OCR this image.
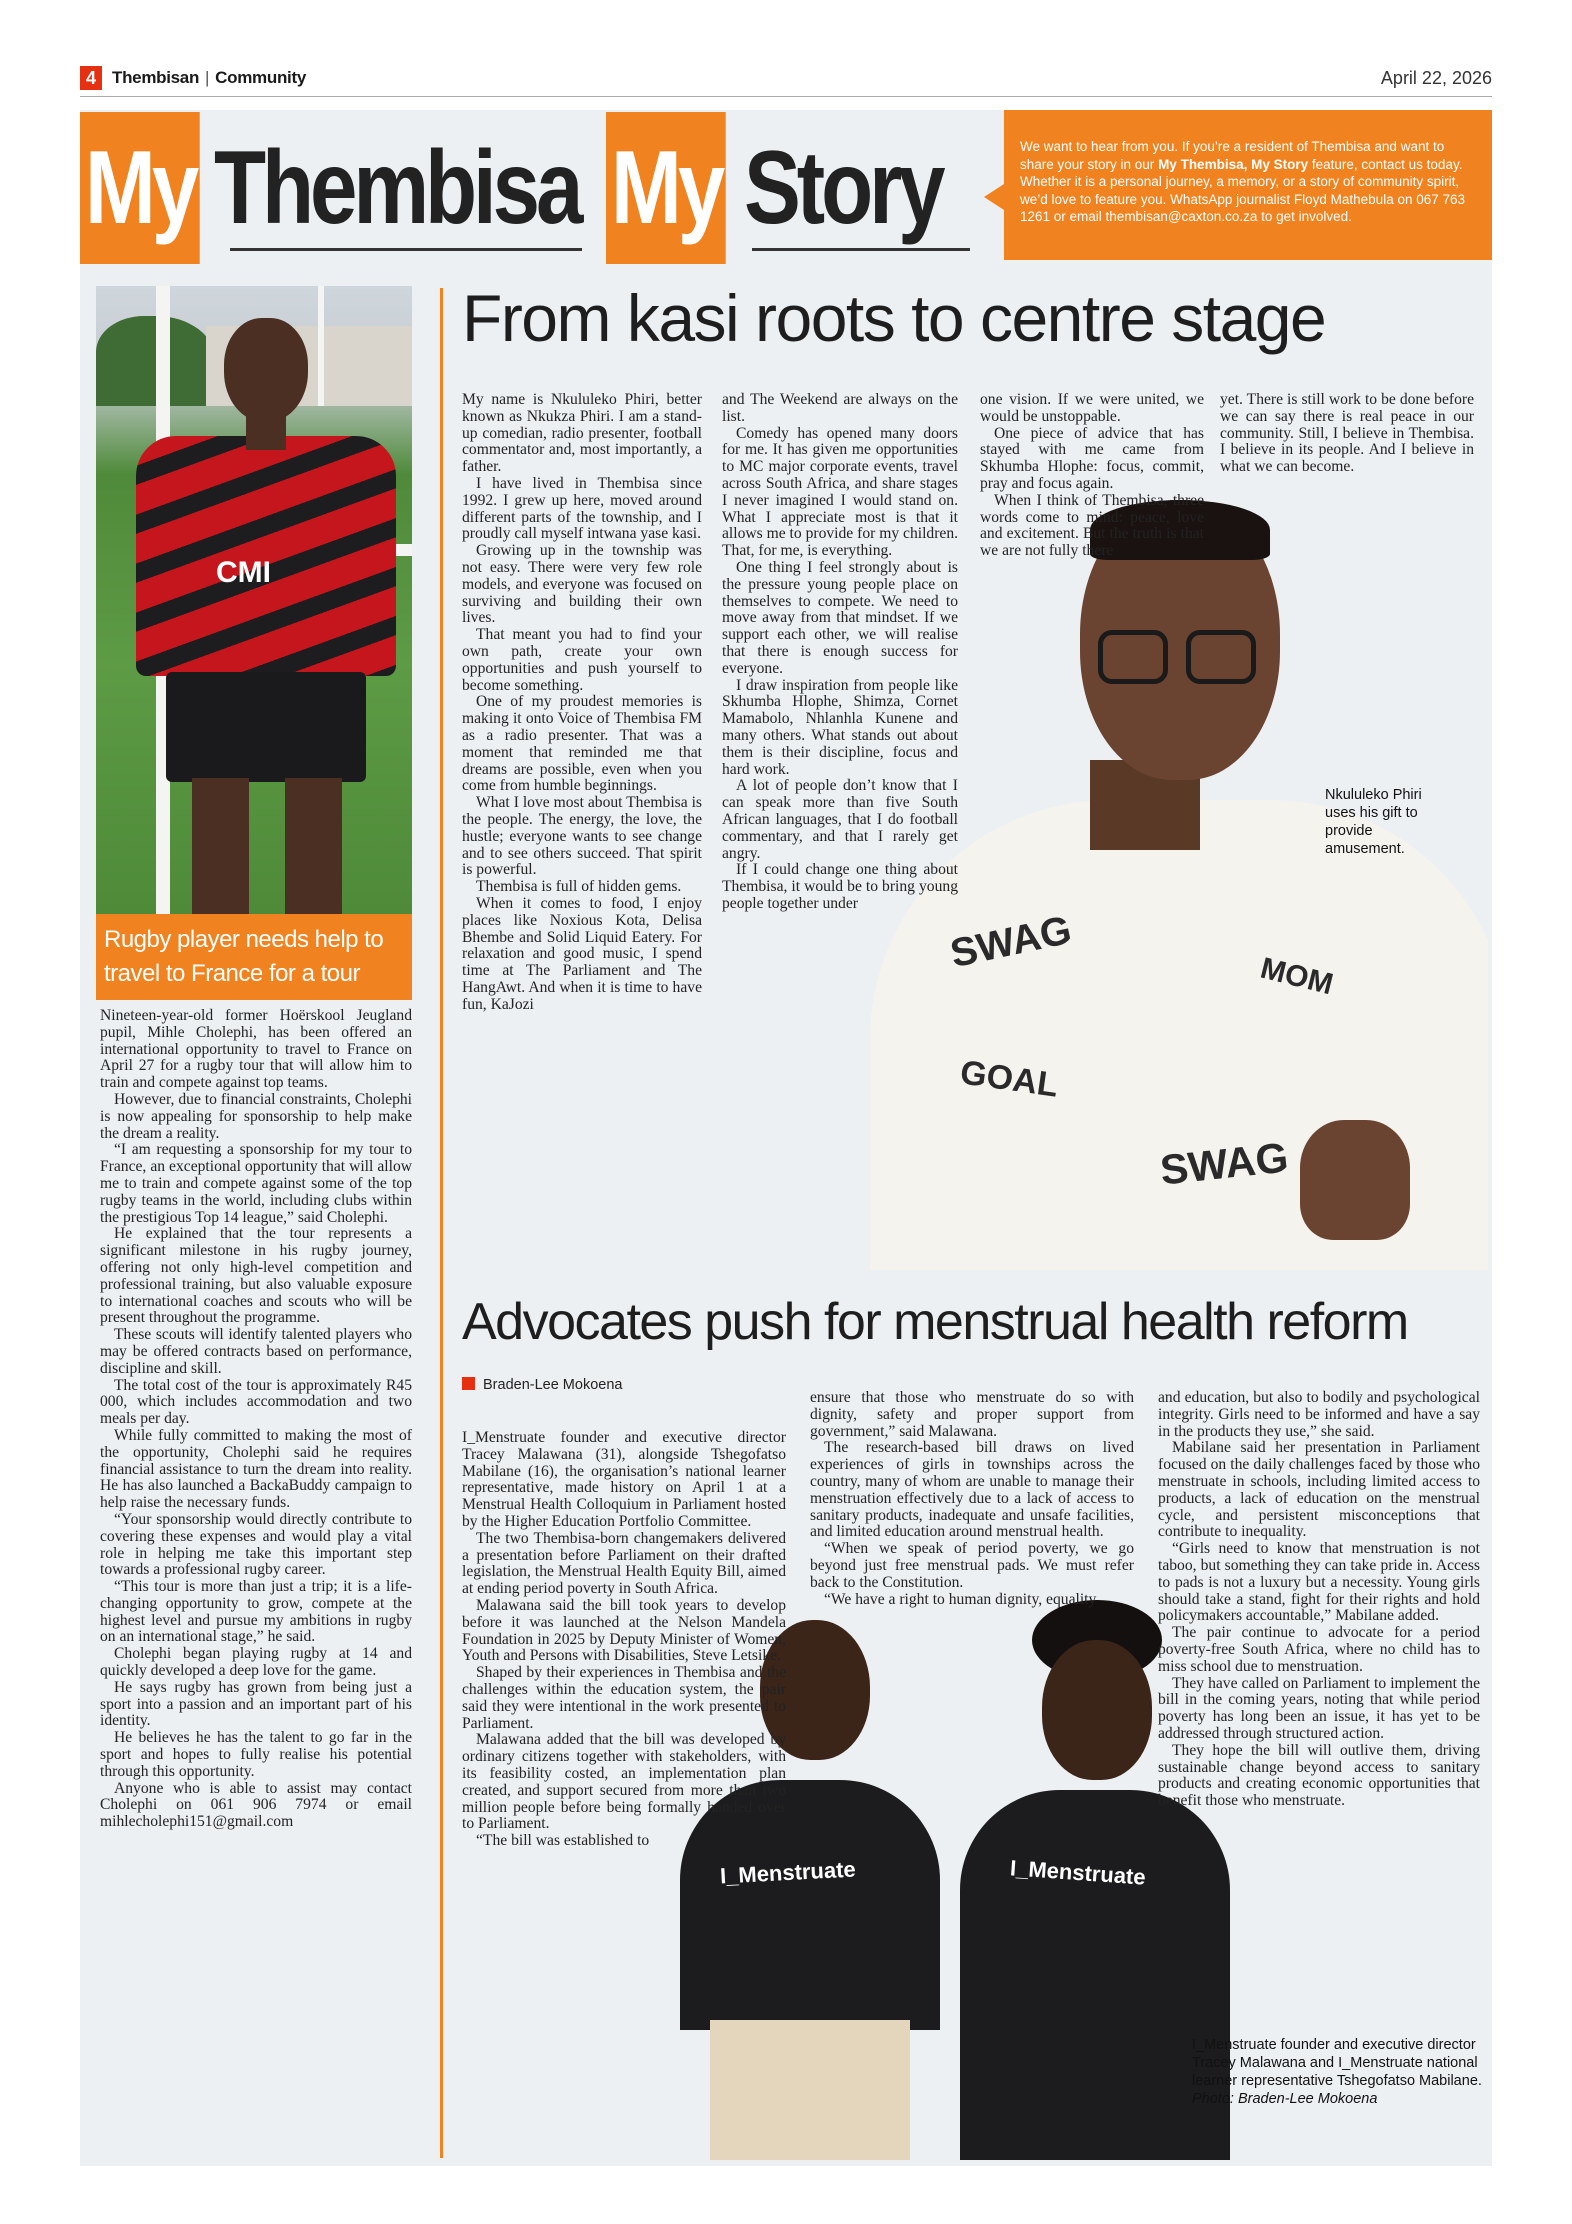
4 Thembisan | Community	April 22, 2026
My Thembisa My Story	We want to hear from you. If you’re a resident of Thembisa and want to share your story in our My Thembisa, My Story feature, contact us today. Whether it is a personal journey, a memory, or a story of community spirit, we’d love to feature you. WhatsApp journalist Floyd Mathebula on 067 763 1261 or email thembisan@caxton.co.za to get involved.
From kasi roots to centre stage
CMI
Rugby player needs help to travel to France for a tour

Nineteen-year-old former Hoërskool Jeugland pupil, Mihle Cholephi, has been offered an international opportunity to travel to France on April 27 for a rugby tour that will allow him to train and compete against top teams.

However, due to financial constraints, Cholephi is now appealing for sponsorship to help make the dream a reality.

“I am requesting a sponsorship for my tour to France, an exceptional opportunity that will allow me to train and compete against some of the top rugby teams in the world, including clubs within the prestigious Top 14 league,” said Cholephi.

He explained that the tour represents a significant milestone in his rugby journey, offering not only high-level competition and professional training, but also valuable exposure to international coaches and scouts who will be present throughout the programme.

These scouts will identify talented players who may be offered contracts based on performance, discipline and skill.

The total cost of the tour is approximately R45 000, which includes accommodation and two meals per day.

While fully committed to making the most of the opportunity, Cholephi said he requires financial assistance to turn the dream into reality. He has also launched a BackaBuddy campaign to help raise the necessary funds.

“Your sponsorship would directly contribute to covering these expenses and would play a vital role in helping me take this important step towards a professional rugby career.

“This tour is more than just a trip; it is a life-changing opportunity to grow, compete at the highest level and pursue my ambitions in rugby on an international stage,” he said.

Cholephi began playing rugby at 14 and quickly developed a deep love for the game.

He says rugby has grown from being just a sport into a passion and an important part of his identity.

He believes he has the talent to go far in the sport and hopes to fully realise his potential through this opportunity.

Anyone who is able to assist may contact Cholephi on 061 906 7974 or email mihlecholephi151@gmail.com

SWAG
MOM
GOAL
SWAG

My name is Nkululeko Phiri, better known as Nkukza Phiri. I am a stand-up comedian, radio presenter, football commentator and, most importantly, a father.

I have lived in Thembisa since 1992. I grew up here, moved around different parts of the township, and I proudly call myself intwana yase kasi.

Growing up in the township was not easy. There were very few role models, and everyone was focused on surviving and building their own lives.

That meant you had to find your own path, create your own opportunities and push yourself to become something.

One of my proudest memories is making it onto Voice of Thembisa FM as a radio presenter. That was a moment that reminded me that dreams are possible, even when you come from humble beginnings.

What I love most about Thembisa is the people. The energy, the love, the hustle; everyone wants to see change and to see others succeed. That spirit is powerful.

Thembisa is full of hidden gems.

When it comes to food, I enjoy places like Noxious Kota, Delisa Bhembe and Solid Liquid Eatery. For relaxation and good music, I spend time at The Parliament and The HangAwt. And when it is time to have fun, KaJozi

and The Weekend are always on the list.

Comedy has opened many doors for me. It has given me opportunities to MC major corporate events, travel across South Africa, and share stages I never imagined I would stand on. What I appreciate most is that it allows me to provide for my children. That, for me, is everything.

One thing I feel strongly about is the pressure young people place on themselves to compete. We need to move away from that mindset. If we support each other, we will realise that there is enough success for everyone.

I draw inspiration from people like Skhumba Hlophe, Shimza, Cornet Mamabolo, Nhlanhla Kunene and many others. What stands out about them is their discipline, focus and hard work.

A lot of people don’t know that I can speak more than five South African languages, that I do football commentary, and that I rarely get angry.

If I could change one thing about Thembisa, it would be to bring young people together under

one vision. If we were united, we would be unstoppable.

One piece of advice that has stayed with me came from Skhumba Hlophe: focus, commit, pray and focus again.

When I think of Thembisa, three words come to mind: peace, love and excitement. But the truth is that we are not fully there

yet. There is still work to be done before we can say there is real peace in our community. Still, I believe in Thembisa. I believe in its people. And I believe in what we can become.

Nkululeko Phiri uses his gift to provide amusement.
Advocates push for menstrual health reform
Braden-Lee Mokoena
I_Menstruate	I_Menstruate

I_Menstruate founder and executive director Tracey Malawana (31), alongside Tshegofatso Mabilane (16), the organisation’s national learner representative, made history on April 1 at a Menstrual Health Colloquium in Parliament hosted by the Higher Education Portfolio Committee.

The two Thembisa-born changemakers delivered a presentation before Parliament on their drafted legislation, the Menstrual Health Equity Bill, aimed at ending period poverty in South Africa.

Malawana said the bill took years to develop before it was launched at the Nelson Mandela Foundation in 2025 by Deputy Minister of Women, Youth and Persons with Disabilities, Steve Letsike.

Shaped by their experiences in Thembisa and the challenges within the education system, the pair said they were intentional in the work presented to Parliament.

Malawana added that the bill was developed by ordinary citizens together with stakeholders, with its feasibility costed, an implementation plan created, and support secured from more than two million people before being formally handed over to Parliament.

“The bill was established to

ensure that those who menstruate do so with dignity, safety and proper support from government,” said Malawana.

The research-based bill draws on lived experiences of girls in townships across the country, many of whom are unable to manage their menstruation effectively due to a lack of access to sanitary products, inadequate and unsafe facilities, and limited education around menstrual health.

“When we speak of period poverty, we go beyond just free menstrual pads. We must refer back to the Constitution.

“We have a right to human dignity, equality

and education, but also to bodily and psychological integrity. Girls need to be informed and have a say in the products they use,” she said.

Mabilane said her presentation in Parliament focused on the daily challenges faced by those who menstruate in schools, including limited access to products, a lack of education on the menstrual cycle, and persistent misconceptions that contribute to inequality.

“Girls need to know that menstruation is not taboo, but something they can take pride in. Access to pads is not a luxury but a necessity. Young girls should take a stand, fight for their rights and hold policymakers accountable,” Mabilane added.

The pair continue to advocate for a period poverty-free South Africa, where no child has to miss school due to menstruation.

They have called on Parliament to implement the bill in the coming years, noting that while period poverty has long been an issue, it has yet to be addressed through structured action.

They hope the bill will outlive them, driving sustainable change beyond access to sanitary products and creating economic opportunities that benefit those who menstruate.

I_Menstruate founder and executive director Tracey Malawana and I_Menstruate national learner representative Tshegofatso Mabilane.
Photo: Braden-Lee Mokoena
